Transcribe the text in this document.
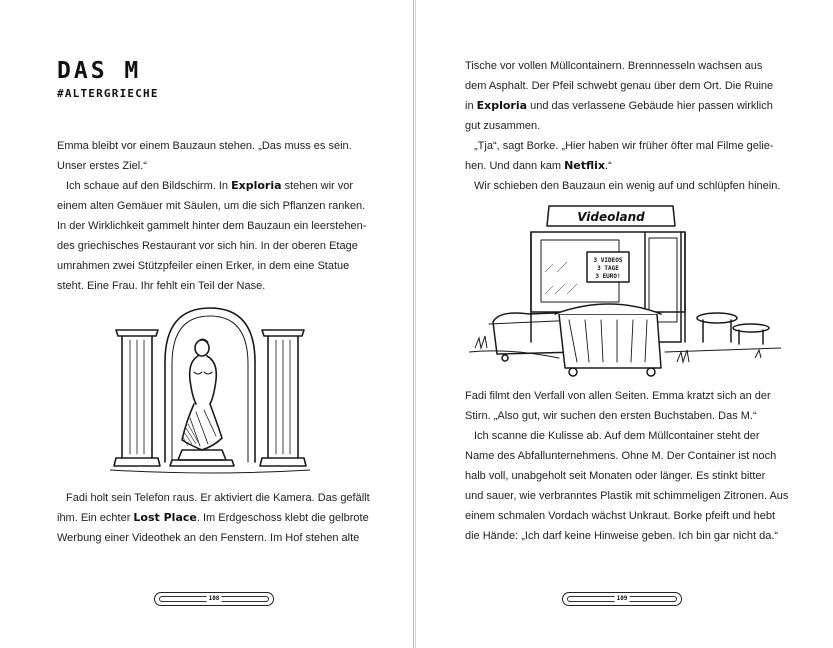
DAS M
#ALTERGRIECHE
Emma bleibt vor einem Bauzaun stehen. „Das muss es sein.
Unser erstes Ziel.“
Ich schaue auf den Bildschirm. In Exploria stehen wir vor
einem alten Gemäuer mit Säulen, um die sich Pflanzen ranken.
In der Wirklichkeit gammelt hinter dem Bauzaun ein leerstehen-
des griechisches Restaurant vor sich hin. In der oberen Etage
umrahmen zwei Stützpfeiler einen Erker, in dem eine Statue
steht. Eine Frau. Ihr fehlt ein Teil der Nase.
Fadi holt sein Telefon raus. Er aktiviert die Kamera. Das gefällt
ihm. Ein echter Lost Place. Im Erdgeschoss klebt die gelbrote
Werbung einer Videothek an den Fenstern. Im Hof stehen alte
108
Tische vor vollen Müllcontainern. Brennnesseln wachsen aus
dem Asphalt. Der Pfeil schwebt genau über dem Ort. Die Ruine
in Exploria und das verlassene Gebäude hier passen wirklich
gut zusammen.
„Tja“, sagt Borke. „Hier haben wir früher öfter mal Filme gelie-
hen. Und dann kam Netflix.“
Wir schieben den Bauzaun ein wenig auf und schlüpfen hinein.
Videoland
3 VIDEOS
3 TAGE
3 EURO!
Fadi filmt den Verfall von allen Seiten. Emma kratzt sich an der
Stirn. „Also gut, wir suchen den ersten Buchstaben. Das M.“
Ich scanne die Kulisse ab. Auf dem Müllcontainer steht der
Name des Abfallunternehmens. Ohne M. Der Container ist noch
halb voll, unabgeholt seit Monaten oder länger. Es stinkt bitter
und sauer, wie verbranntes Plastik mit schimmeligen Zitronen. Aus
einem schmalen Vordach wächst Unkraut. Borke pfeift und hebt
die Hände: „Ich darf keine Hinweise geben. Ich bin gar nicht da.“
109
